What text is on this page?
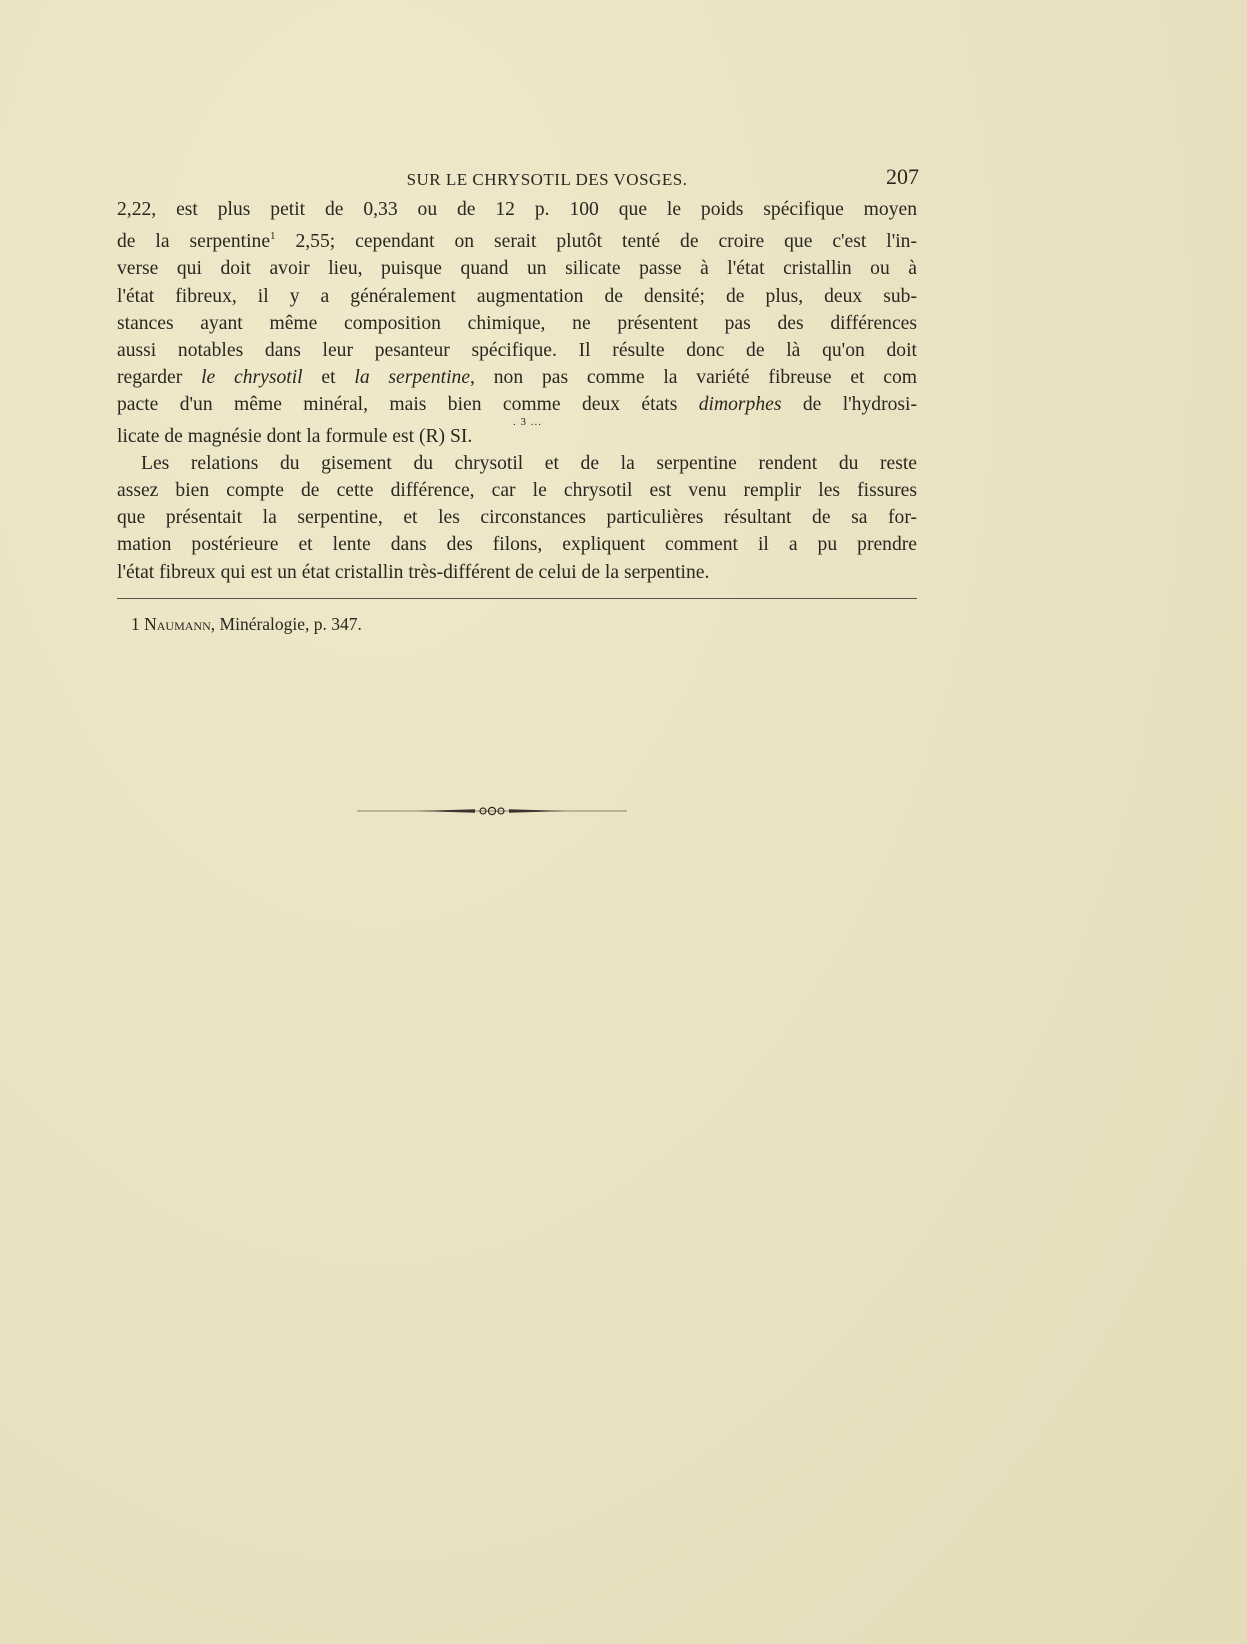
SUR LE CHRYSOTIL DES VOSGES.	207
2,22, est plus petit de 0,33 ou de 12 p. 100 que le poids spécifique moyen
de la serpentine$^1$ 2,55; cependant on serait plutôt tenté de croire que c'est l'in-
verse qui doit avoir lieu, puisque quand un silicate passe à l'état cristallin ou à
l'état fibreux, il y a généralement augmentation de densité; de plus, deux sub-
stances ayant même composition chimique, ne présentent pas des différences
aussi notables dans leur pesanteur spécifique. Il résulte donc de là qu'on doit
regarder le chrysotil et la serpentine, non pas comme la variété fibreuse et com
pacte d'un même minéral, mais bien comme deux états dimorphes de l'hydrosi-
. 3 ...
licate de magnésie dont la formule est (R) SI.
Les relations du gisement du chrysotil et de la serpentine rendent du reste
assez bien compte de cette différence, car le chrysotil est venu remplir les fissures
que présentait la serpentine, et les circonstances particulières résultant de sa for-
mation postérieure et lente dans des filons, expliquent comment il a pu prendre
l'état fibreux qui est un état cristallin très-différent de celui de la serpentine.
1 Naumann, Minéralogie, p. 347.
